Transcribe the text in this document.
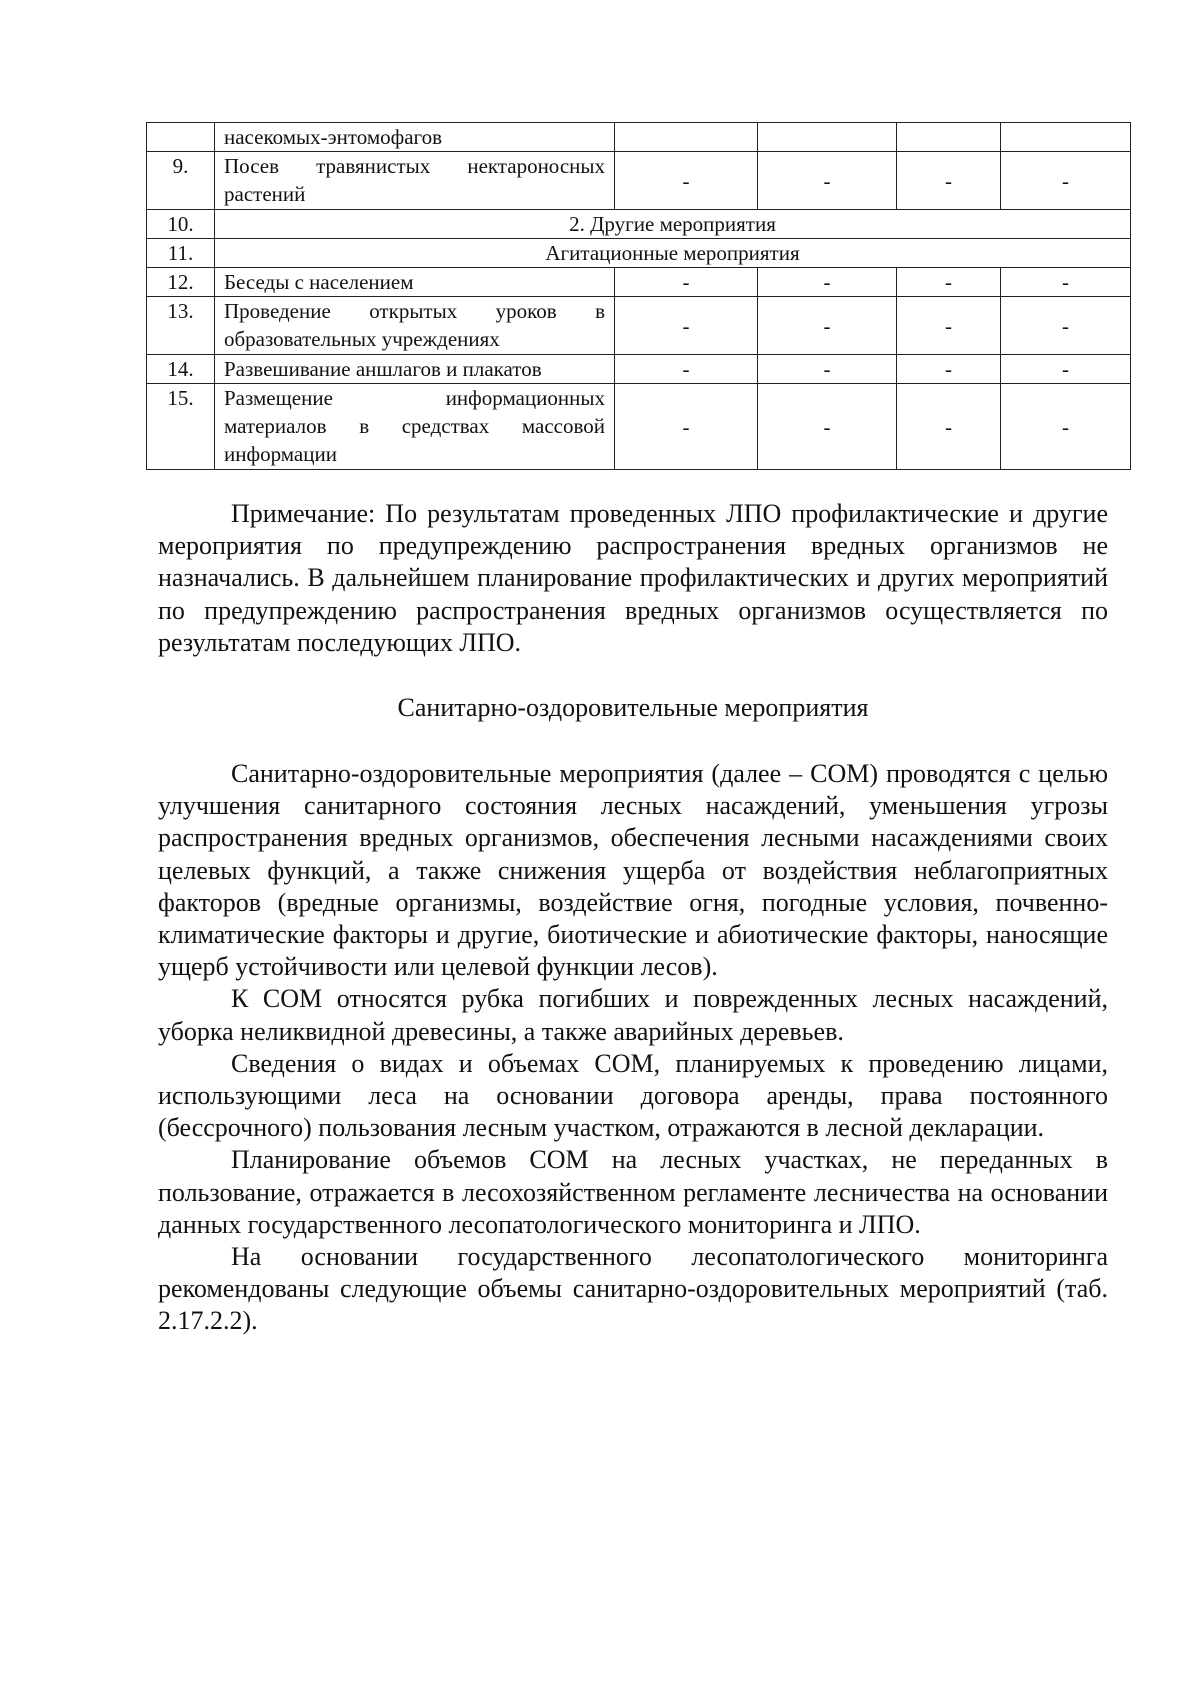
	насекомых-энтомофагов				
9.	Посев травянистых нектароносных растений	-	-	-	-
10.	2. Другие мероприятия				
11.	Агитационные мероприятия				
12.	Беседы с населением	-	-	-	-
13.	Проведение открытых уроков в образовательных учреждениях	-	-	-	-
14.	Развешивание аншлагов и плакатов	-	-	-	-
15.	Размещение информационных материалов в средствах массовой информации	-	-	-	-

Примечание: По результатам проведенных ЛПО профилактические и другие мероприятия по предупреждению распространения вредных организмов не назначались. В дальнейшем планирование профилактических и других мероприятий по предупреждению распространения вредных организмов осуществляется по результатам последующих ЛПО.

Санитарно-оздоровительные мероприятия

Санитарно-оздоровительные мероприятия (далее – СОМ) проводятся с целью улучшения санитарного состояния лесных насаждений, уменьшения угрозы распространения вредных организмов, обеспечения лесными насаждениями своих целевых функций, а также снижения ущерба от воздействия неблагоприятных факторов (вредные организмы, воздействие огня, погодные условия, почвенно-климатические факторы и другие, биотические и абиотические факторы, наносящие ущерб устойчивости или целевой функции лесов).

К СОМ относятся рубка погибших и поврежденных лесных насаждений, уборка неликвидной древесины, а также аварийных деревьев.

Сведения о видах и объемах СОМ, планируемых к проведению лицами, использующими леса на основании договора аренды, права постоянного (бессрочного) пользования лесным участком, отражаются в лесной декларации.

Планирование объемов СОМ на лесных участках, не переданных в пользование, отражается в лесохозяйственном регламенте лесничества на основании данных государственного лесопатологического мониторинга и ЛПО.

На основании государственного лесопатологического мониторинга рекомендованы следующие объемы санитарно-оздоровительных мероприятий (таб. 2.17.2.2).
